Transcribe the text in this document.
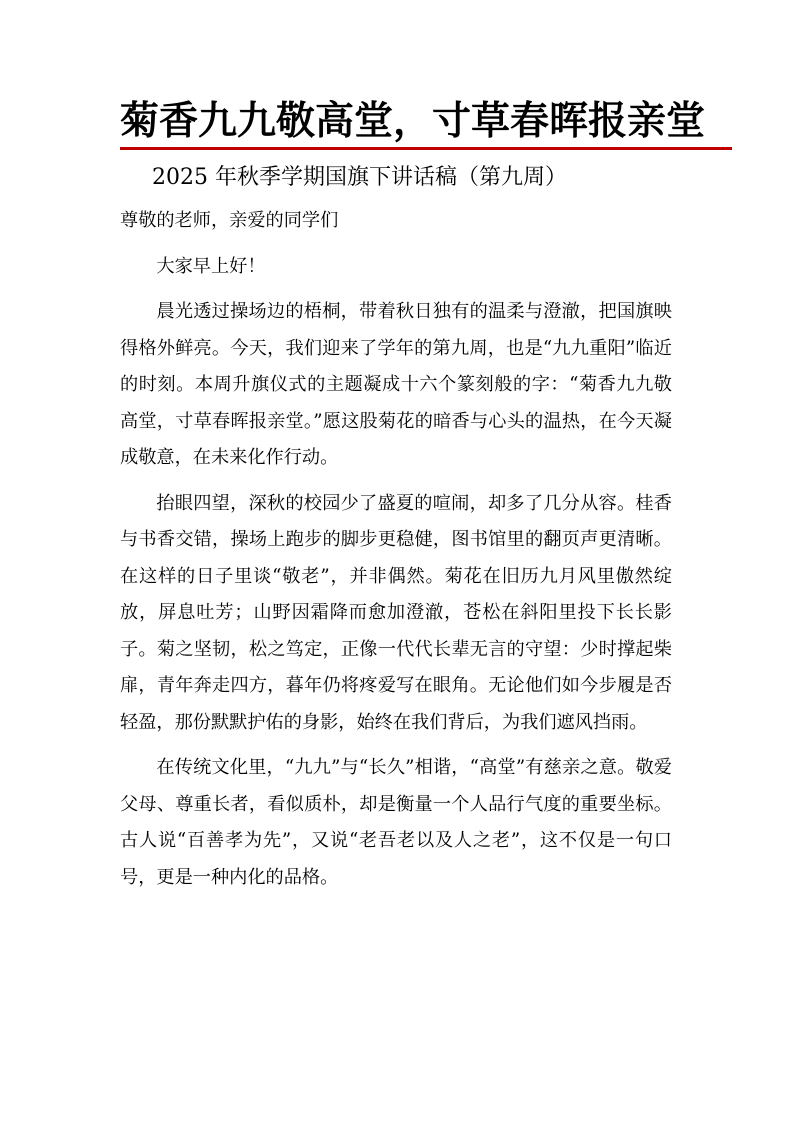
菊香九九敬高堂，寸草春晖报亲堂
2025 年秋季学期国旗下讲话稿（第九周）

尊敬的老师，亲爱的同学们

大家早上好！

晨光透过操场边的梧桐，带着秋日独有的温柔与澄澈，把国旗映得格外鲜亮。今天，我们迎来了学年的第九周，也是“九九重阳”临近的时刻。本周升旗仪式的主题凝成十六个篆刻般的字：“菊香九九敬高堂，寸草春晖报亲堂。”愿这股菊花的暗香与心头的温热，在今天凝成敬意，在未来化作行动。

抬眼四望，深秋的校园少了盛夏的喧闹，却多了几分从容。桂香与书香交错，操场上跑步的脚步更稳健，图书馆里的翻页声更清晰。在这样的日子里谈“敬老”，并非偶然。菊花在旧历九月风里傲然绽放，屏息吐芳；山野因霜降而愈加澄澈，苍松在斜阳里投下长长影子。菊之坚韧，松之笃定，正像一代代长辈无言的守望：少时撑起柴扉，青年奔走四方，暮年仍将疼爱写在眼角。无论他们如今步履是否轻盈，那份默默护佑的身影，始终在我们背后，为我们遮风挡雨。

在传统文化里，“九九”与“长久”相谐，“高堂”有慈亲之意。敬爱父母、尊重长者，看似质朴，却是衡量一个人品行气度的重要坐标。古人说“百善孝为先”，又说“老吾老以及人之老”，这不仅是一句口号，更是一种内化的品格。
